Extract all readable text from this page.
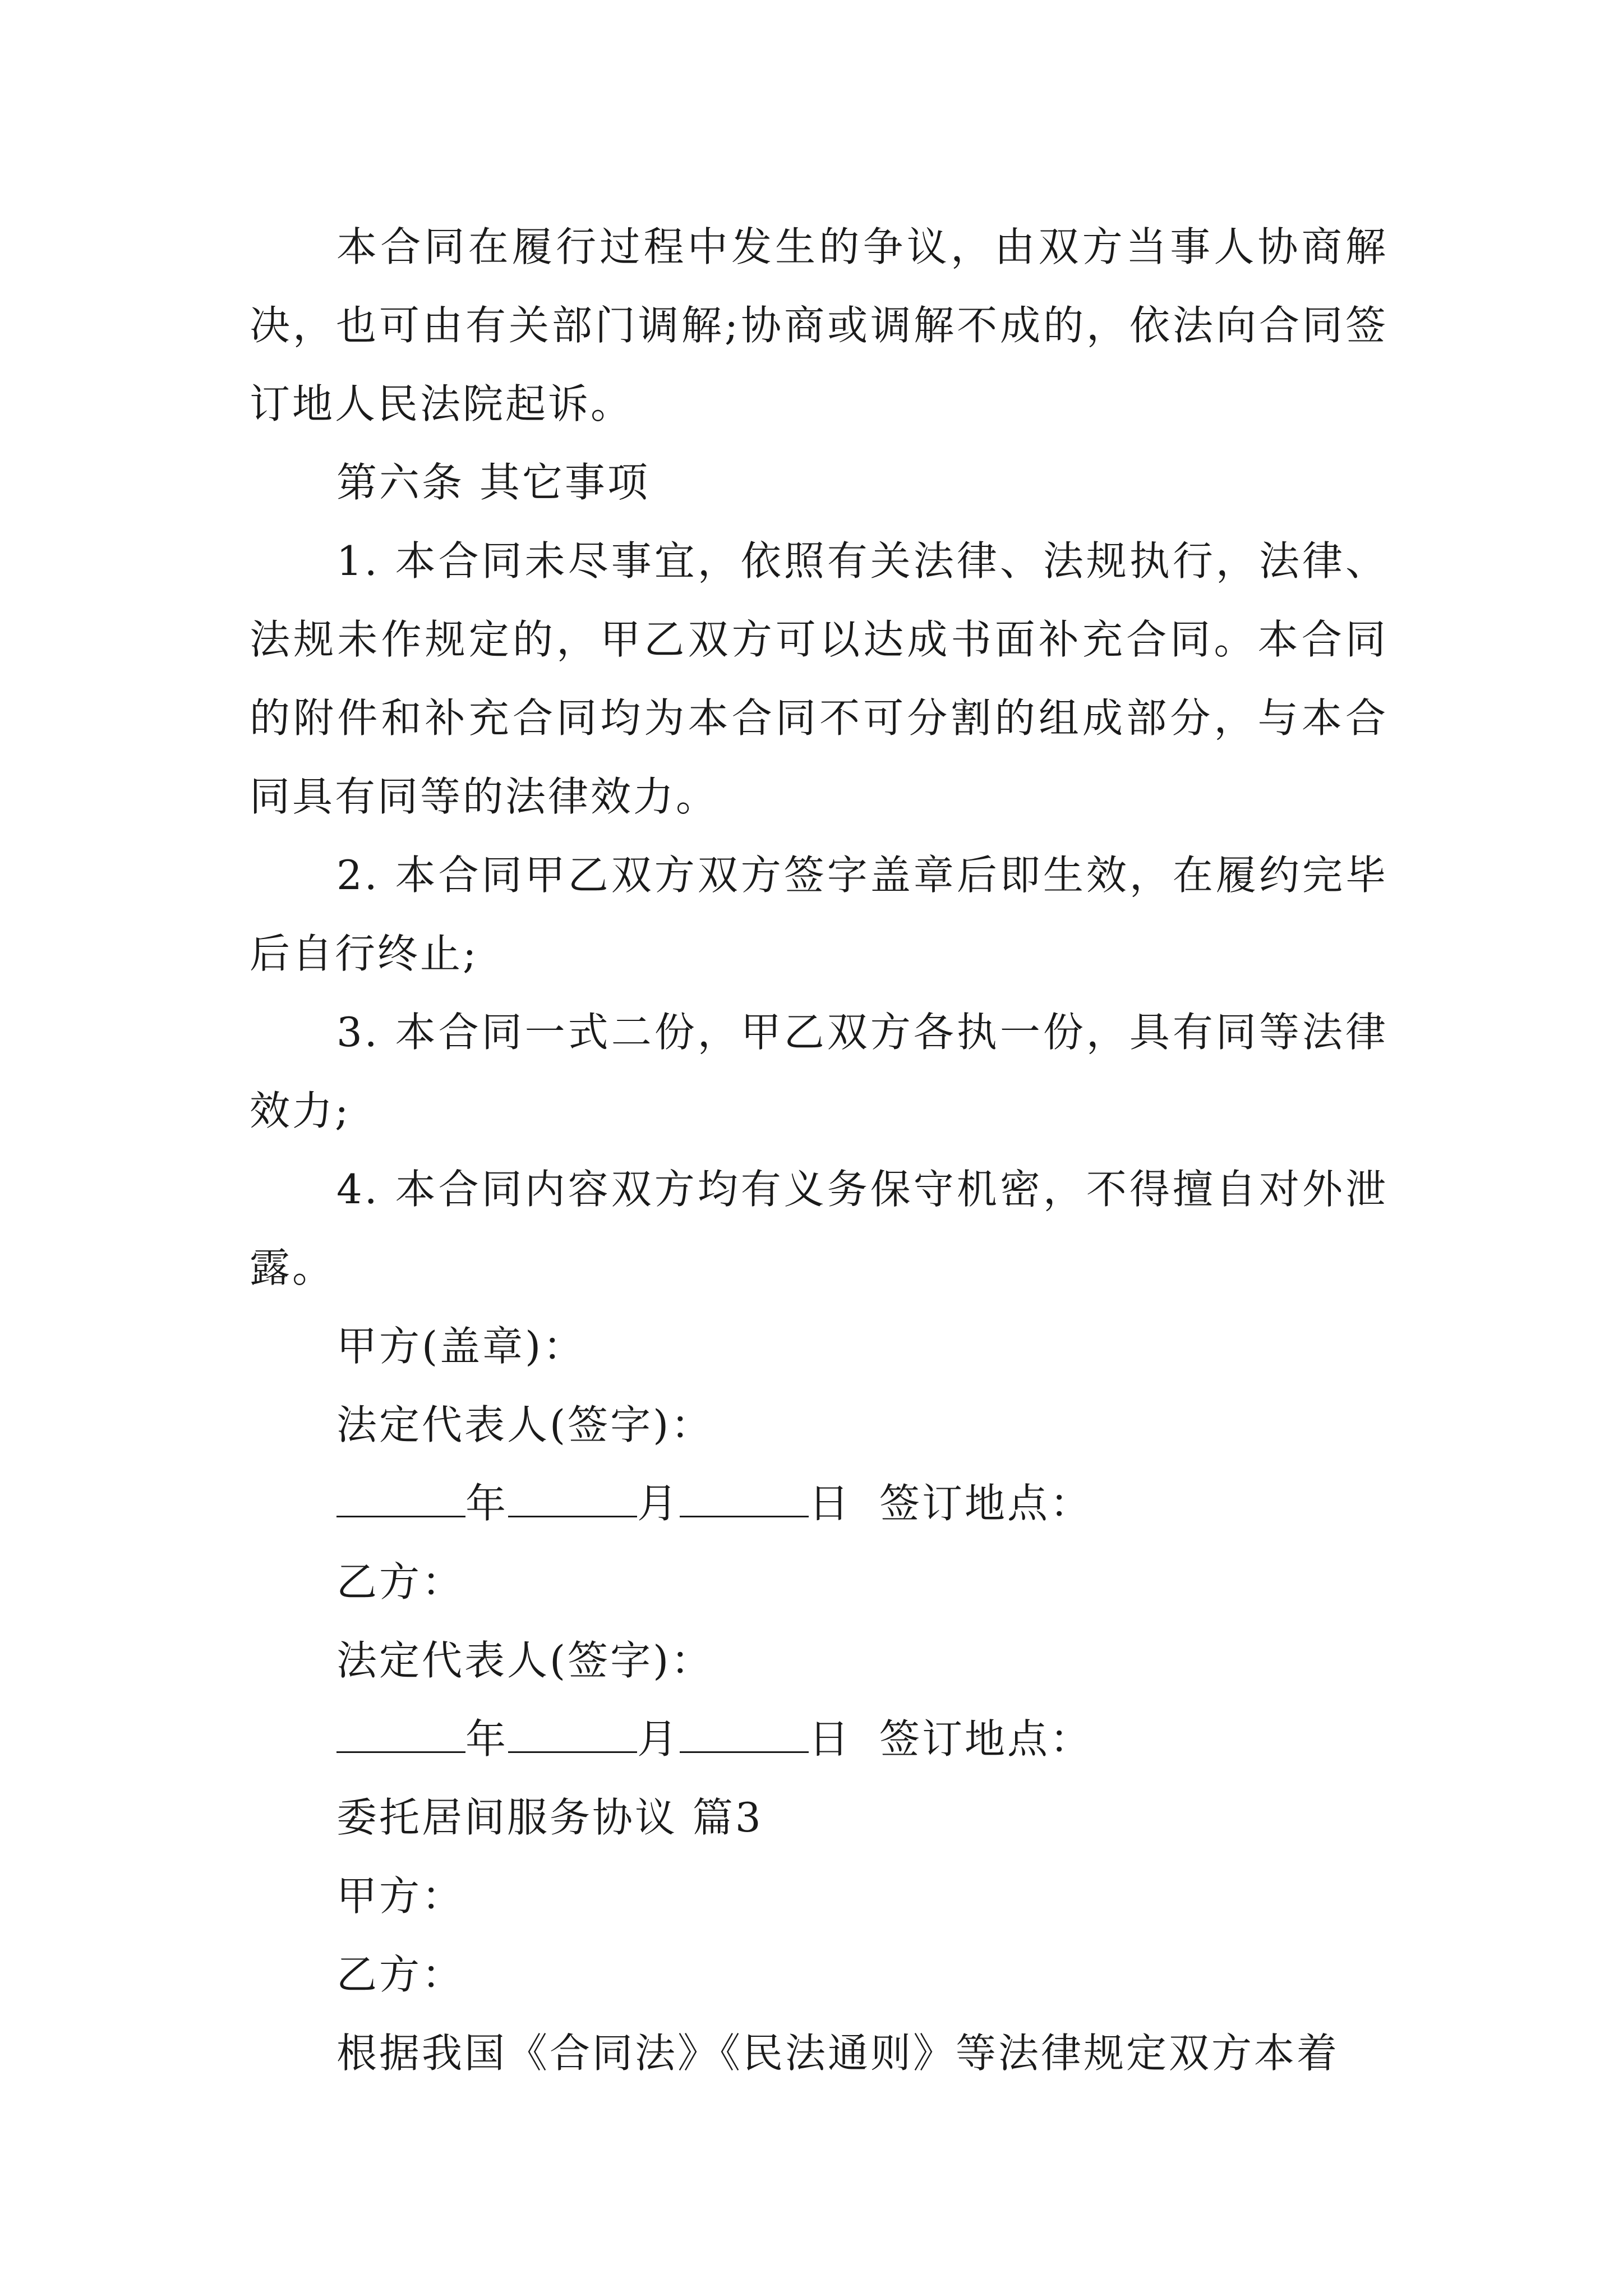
本合同在履行过程中发生的争议，由双方当事人协商解决，也可由有关部门调解;协商或调解不成的，依法向合同签订地人民法院起诉。

第六条 其它事项

1. 本合同未尽事宜，依照有关法律、法规执行，法律、法规未作规定的，甲乙双方可以达成书面补充合同。本合同的附件和补充合同均为本合同不可分割的组成部分，与本合同具有同等的法律效力。

2. 本合同甲乙双方双方签字盖章后即生效，在履约完毕后自行终止;

3. 本合同一式二份，甲乙双方各执一份，具有同等法律效力;

4. 本合同内容双方均有义务保守机密，不得擅自对外泄露。

甲方(盖章)：

法定代表人(签字)：

年	月	日 签订地点：

乙方：

法定代表人(签字)：

年	月	日 签订地点：

委托居间服务协议 篇3

甲方：

乙方：

根据我国《合同法》《民法通则》等法律规定双方本着
